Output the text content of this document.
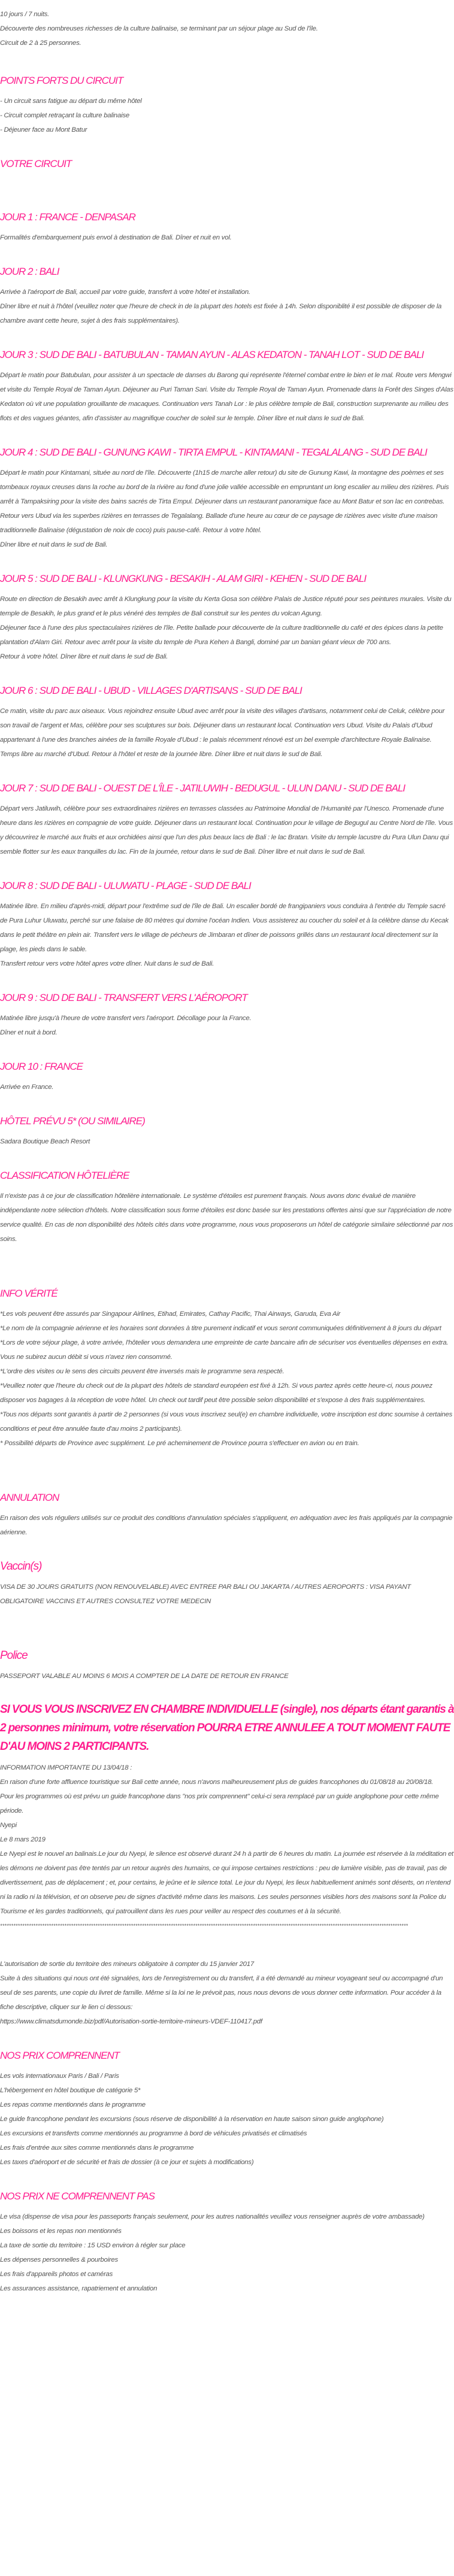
10 jours / 7 nuits.

Découverte des nombreuses richesses de la culture balinaise, se terminant par un séjour plage au Sud de l'île.

Circuit de 2 à 25 personnes.

POINTS FORTS DU CIRCUIT

- Un circuit sans fatigue au départ du même hôtel

- Circuit complet retraçant la culture balinaise

- Déjeuner face au Mont Batur

VOTRE CIRCUIT
JOUR 1 : FRANCE - DENPASAR

Formalités d'embarquement puis envol à destination de Bali. Dîner et nuit en vol.

JOUR 2 : BALI

Arrivée à l'aéroport de Bali, accueil par votre guide, transfert à votre hôtel et installation.

Dîner libre et nuit à l'hôtel (veuillez noter que l'heure de check in de la plupart des hotels est fixée à 14h. Selon disponiblité il est possible de disposer de la chambre avant cette heure, sujet à des frais supplémentaires).

JOUR 3 : SUD DE BALI - BATUBULAN - TAMAN AYUN - ALAS KEDATON - TANAH LOT - SUD DE BALI

Départ le matin pour Batubulan, pour assister à un spectacle de danses du Barong qui représente l'éternel combat entre le bien et le mal. Route vers Mengwi et visite du Temple Royal de Taman Ayun. Déjeuner au Puri Taman Sari. Visite du Temple Royal de Taman Ayun. Promenade dans la Forêt des Singes d'Alas Kedaton où vit une population grouillante de macaques. Continuation vers Tanah Lor : le plus célèbre temple de Bali, construction surprenante au milieu des flots et des vagues géantes, afin d'assister au magnifique coucher de soleil sur le temple. Dîner libre et nuit dans le sud de Bali.

JOUR 4 : SUD DE BALI - GUNUNG KAWI - TIRTA EMPUL - KINTAMANI - TEGALALANG - SUD DE BALI

Départ le matin pour Kintamani, située au nord de l'île. Découverte (1h15 de marche aller retour) du site de Gunung Kawi, la montagne des poèmes et ses tombeaux royaux creuses dans la roche au bord de la rivière au fond d'une jolie vallée accessible en empruntant un long escalier au milieu des rizières. Puis arrêt à Tampaksiring pour la visite des bains sacrés de Tirta Empul. Déjeuner dans un restaurant panoramique face au Mont Batur et son lac en contrebas. Retour vers Ubud via les superbes rizières en terrasses de Tegalalang. Ballade d'une heure au cœur de ce paysage de rizières avec visite d'une maison traditionnelle Balinaise (dégustation de noix de coco) puis pause-café. Retour à votre hôtel.

Dîner libre et nuit dans le sud de Bali.

JOUR 5 : SUD DE BALI - KLUNGKUNG - BESAKIH - ALAM GIRI - KEHEN - SUD DE BALI

Route en direction de Besakih avec arrêt à Klungkung pour la visite du Kerta Gosa son célèbre Palais de Justice réputé pour ses peintures murales. Visite du temple de Besakih, le plus grand et le plus vénéré des temples de Bali construit sur les pentes du volcan Agung.

Déjeuner face à l'une des plus spectaculaires rizières de l'île. Petite ballade pour découverte de la culture traditionnelle du café et des épices dans la petite plantation d'Alam Giri. Retour avec arrêt pour la visite du temple de Pura Kehen à Bangli, dominé par un banian géant vieux de 700 ans.

Retour à votre hôtel. Dîner libre et nuit dans le sud de Bali.

JOUR 6 : SUD DE BALI - UBUD - VILLAGES D'ARTISANS - SUD DE BALI

Ce matin, visite du parc aux oiseaux. Vous rejoindrez ensuite Ubud avec arrêt pour la visite des villages d'artisans, notamment celui de Celuk, célèbre pour son travail de l'argent et Mas, célèbre pour ses sculptures sur bois. Déjeuner dans un restaurant local. Continuation vers Ubud. Visite du Palais d'Ubud appartenant à l'une des branches ainées de la famille Royale d'Ubud : le palais récemment rénové est un bel exemple d'architecture Royale Balinaise.

Temps libre au marché d'Ubud. Retour à l'hôtel et reste de la journée libre. Dîner libre et nuit dans le sud de Bali.

JOUR 7 : SUD DE BALI - OUEST DE L'ÎLE - JATILUWIH - BEDUGUL - ULUN DANU - SUD DE BALI

Départ vers Jatiluwih, célèbre pour ses extraordinaires rizières en terrasses classées au Patrimoine Mondial de l'Humanité par l'Unesco. Promenade d'une heure dans les rizières en compagnie de votre guide. Déjeuner dans un restaurant local. Continuation pour le village de Begugul au Centre Nord de l'île. Vous y découvrirez le marché aux fruits et aux orchidées ainsi que l'un des plus beaux lacs de Bali : le lac Bratan. Visite du temple lacustre du Pura Ulun Danu qui semble flotter sur les eaux tranquilles du lac. Fin de la journée, retour dans le sud de Bali. Dîner libre et nuit dans le sud de Bali.

JOUR 8 : SUD DE BALI - ULUWATU - PLAGE - SUD DE BALI

Matinée libre. En milieu d'après-midi, départ pour l'extrême sud de l'île de Bali. Un escalier bordé de frangipaniers vous conduira à l'entrée du Temple sacré de Pura Luhur Uluwatu, perché sur une falaise de 80 mètres qui domine l'océan Indien. Vous assisterez au coucher du soleil et à la célèbre danse du Kecak dans le petit théâtre en plein air. Transfert vers le village de pécheurs de Jimbaran et dîner de poissons grillés dans un restaurant local directement sur la plage, les pieds dans le sable.

Transfert retour vers votre hôtel apres votre dîner. Nuit dans le sud de Bali.

JOUR 9 : SUD DE BALI - TRANSFERT VERS L'AÉROPORT

Matinée libre jusqu'à l'heure de votre transfert vers l'aéroport. Décollage pour la France.

Dîner et nuit à bord.

JOUR 10 : FRANCE

Arrivée en France.

HÔTEL PRÉVU 5* (OU SIMILAIRE)

Sadara Boutique Beach Resort

CLASSIFICATION HÔTELIÈRE

Il n'existe pas à ce jour de classification hôtelière internationale. Le système d'étoiles est purement français. Nous avons donc évalué de manière indépendante notre sélection d'hôtels. Notre classification sous forme d'étoiles est donc basée sur les prestations offertes ainsi que sur l'appréciation de notre service qualité. En cas de non disponibilité des hôtels cités dans votre programme, nous vous proposerons un hôtel de catégorie similaire sélectionné par nos soins.

INFO VÉRITÉ

*Les vols peuvent être assurés par Singapour Airlines, Etihad, Emirates, Cathay Pacific, Thai Airways, Garuda, Eva Air

*Le nom de la compagnie aérienne et les horaires sont données à titre purement indicatif et vous seront communiquées définitivement à 8 jours du départ

*Lors de votre séjour plage, à votre arrivée, l'hôtelier vous demandera une empreinte de carte bancaire afin de sécuriser vos éventuelles dépenses en extra. Vous ne subirez aucun débit si vous n'avez rien consommé.

*L'ordre des visites ou le sens des circuits peuvent être inversés mais le programme sera respecté.

*Veuillez noter que l'heure du check out de la plupart des hôtels de standard européen est fixé à 12h. Si vous partez après cette heure-ci, nous pouvez disposer vos bagages à la réception de votre hôtel. Un check out tardif peut être possible selon disponibilité et s'expose à des frais supplémentaires.

*Tous nos départs sont garantis à partir de 2 personnes (si vous vous inscrivez seul(e) en chambre individuelle, votre inscription est donc soumise à certaines conditions et peut être annulée faute d'au moins 2 participants).

* Possibilité départs de Province avec supplément. Le pré acheminement de Province pourra s'effectuer en avion ou en train.

ANNULATION

En raison des vols réguliers utilisés sur ce produit des conditions d'annulation spéciales s'appliquent, en adéquation avec les frais appliqués par la compagnie aérienne.

Vaccin(s)

VISA DE 30 JOURS GRATUITS (NON RENOUVELABLE) AVEC ENTREE PAR BALI OU JAKARTA / AUTRES AEROPORTS : VISA PAYANT OBLIGATOIRE VACCINS ET AUTRES CONSULTEZ VOTRE MEDECIN

Police

PASSEPORT VALABLE AU MOINS 6 MOIS A COMPTER DE LA DATE DE RETOUR EN FRANCE

SI VOUS VOUS INSCRIVEZ EN CHAMBRE INDIVIDUELLE (single), nos départs étant garantis à 2 personnes minimum, votre réservation POURRA ETRE ANNULEE A TOUT MOMENT FAUTE D'AU MOINS 2 PARTICIPANTS.

INFORMATION IMPORTANTE DU 13/04/18 :

En raison d'une forte affluence touristique sur Bali cette année, nous n'avons malheureusement plus de guides francophones du 01/08/18 au 20/08/18.

Pour les programmes où est prévu un guide francophone dans "nos prix comprennent" celui-ci sera remplacé par un guide anglophone pour cette même période.

Nyepi

Le 8 mars 2019

Le Nyepi est le nouvel an balinais.Le jour du Nyepi, le silence est observé durant 24 h à partir de 6 heures du matin. La journée est réservée à la méditation et les démons ne doivent pas être tentés par un retour auprès des humains, ce qui impose certaines restrictions : peu de lumière visible, pas de travail, pas de divertissement, pas de déplacement ; et, pour certains, le jeûne et le silence total. Le jour du Nyepi, les lieux habituellement animés sont déserts, on n'entend ni la radio ni la télévision, et on observe peu de signes d'activité même dans les maisons. Les seules personnes visibles hors des maisons sont la Police du Tourisme et les gardes traditionnels, qui patrouillent dans les rues pour veiller au respect des coutumes et à la sécurité.

****************************************************************************************************************************************************************************************

L'autorisation de sortie du territoire des mineurs obligatoire à compter du 15 janvier 2017

Suite à des situations qui nous ont été signalées, lors de l'enregistrement ou du transfert, il a été demandé au mineur voyageant seul ou accompagné d'un seul de ses parents, une copie du livret de famille. Même si la loi ne le prévoit pas, nous nous devons de vous donner cette information. Pour accéder à la fiche descriptive, cliquer sur le lien ci dessous:

https://www.climatsdumonde.biz/pdf/Autorisation-sortie-territoire-mineurs-VDEF-110417.pdf

NOS PRIX COMPRENNENT

Les vols internationaux Paris / Bali / Paris

L'hébergement en hôtel boutique de catégorie 5*

Les repas comme mentionnés dans le programme

Le guide francophone pendant les excursions (sous réserve de disponibilité à la réservation en haute saison sinon guide anglophone)

Les excursions et transferts comme mentionnés au programme à bord de véhicules privatisés et climatisés

Les frais d'entrée aux sites comme mentionnés dans le programme

Les taxes d'aéroport et de sécurité et frais de dossier (à ce jour et sujets à modifications)

NOS PRIX NE COMPRENNENT PAS

Le visa (dispense de visa pour les passeports français seulement, pour les autres nationalités veuillez vous renseigner auprès de votre ambassade)

Les boissons et les repas non mentionnés

La taxe de sortie du territoire : 15 USD environ à régler sur place

Les dépenses personnelles & pourboires

Les frais d'appareils photos et caméras

Les assurances assistance, rapatriement et annulation
